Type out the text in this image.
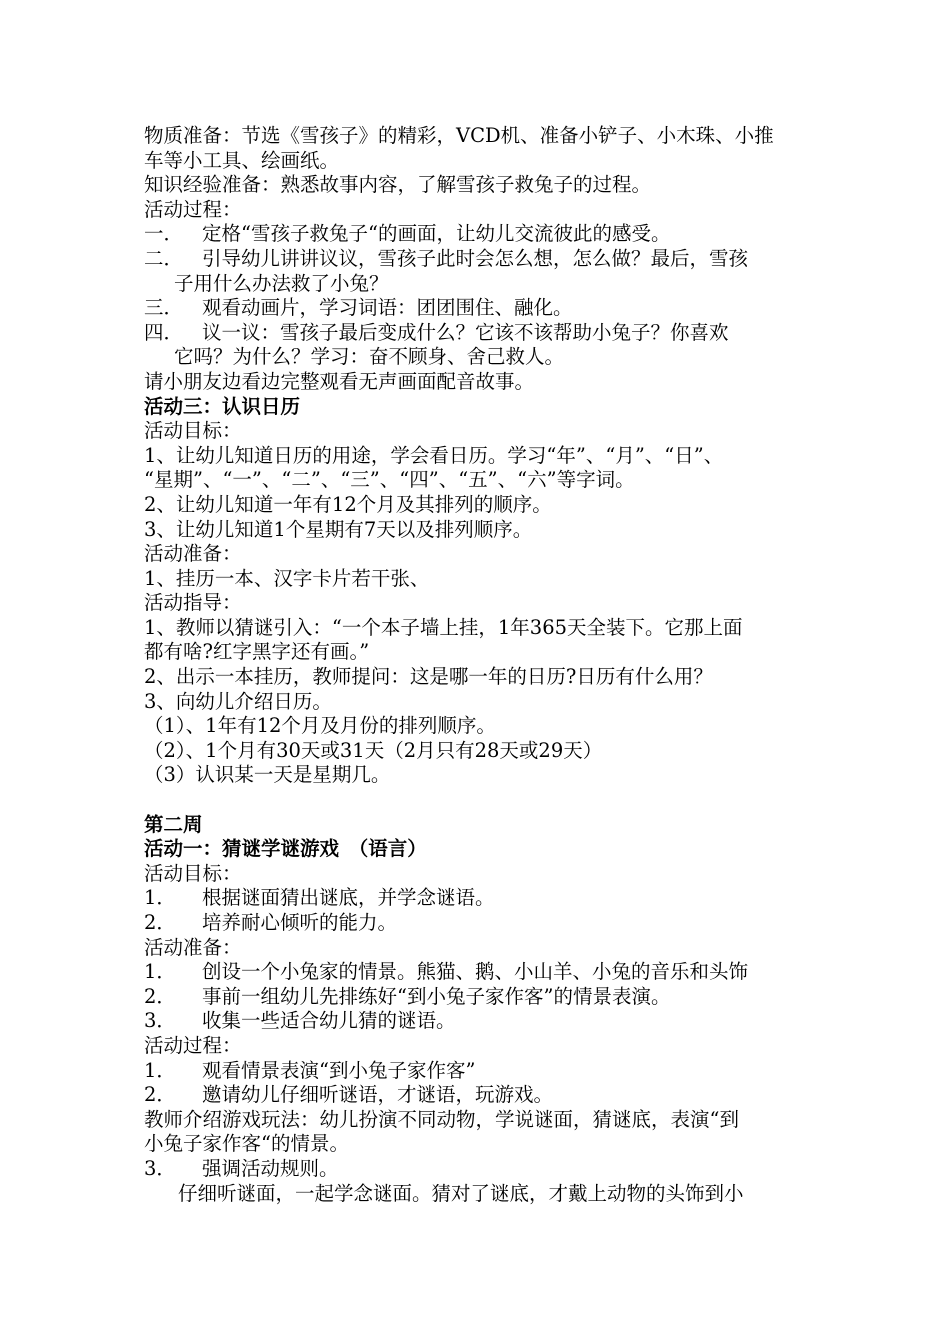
物质准备：节选《雪孩子》的精彩，VCD机、准备小铲子、小木珠、小推
车等小工具、绘画纸。
知识经验准备：熟悉故事内容，了解雪孩子救兔子的过程。
活动过程：
一． 定格“雪孩子救兔子“的画面，让幼儿交流彼此的感受。
二． 引导幼儿讲讲议议，雪孩子此时会怎么想，怎么做？最后，雪孩
子用什么办法救了小兔？
三． 观看动画片，学习词语：团团围住、融化。
四． 议一议：雪孩子最后变成什么？它该不该帮助小兔子？你喜欢
它吗？为什么？学习：奋不顾身、舍己救人。
请小朋友边看边完整观看无声画面配音故事。
活动三：认识日历
活动目标：
1、让幼儿知道日历的用途，学会看日历。学习“年”、“月”、“日”、
“星期”、“一”、“二”、“三”、“四”、“五”、“六”等字词。
2、让幼儿知道一年有12个月及其排列的顺序。
3、让幼儿知道1个星期有7天以及排列顺序。
活动准备：
1、挂历一本、汉字卡片若干张、
活动指导：
1、教师以猜谜引入：“一个本子墙上挂，1年365天全装下。它那上面
都有啥?红字黑字还有画。”
2、出示一本挂历，教师提问：这是哪一年的日历?日历有什么用？
3、向幼儿介绍日历。
（1）、1年有12个月及月份的排列顺序。
（2）、1个月有30天或31天（2月只有28天或29天）
（3）认识某一天是星期几。
第二周
活动一：猜谜学谜游戏　（语言）
活动目标：
1． 根据谜面猜出谜底，并学念谜语。
2． 培养耐心倾听的能力。
活动准备：
1． 创设一个小兔家的情景。熊猫、鹅、小山羊、小兔的音乐和头饰
2． 事前一组幼儿先排练好“到小兔子家作客”的情景表演。
3． 收集一些适合幼儿猜的谜语。
活动过程：
1． 观看情景表演“到小兔子家作客”
2． 邀请幼儿仔细听谜语，才谜语，玩游戏。
教师介绍游戏玩法：幼儿扮演不同动物，学说谜面，猜谜底，表演“到
小兔子家作客“的情景。
3． 强调活动规则。
仔细听谜面，一起学念谜面。猜对了谜底，才戴上动物的头饰到小
